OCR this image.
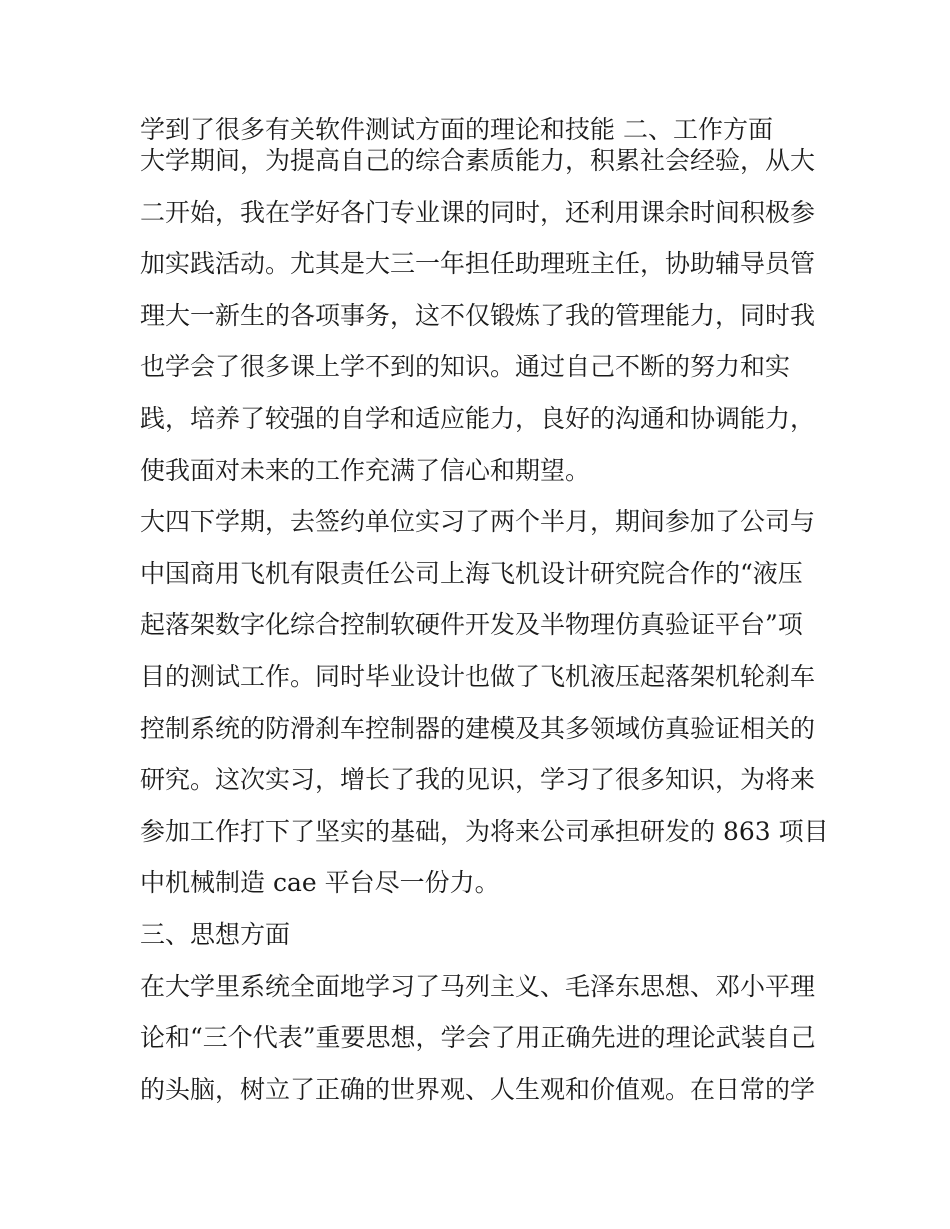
学到了很多有关软件测试方面的理论和技能 二、工作方面
大学期间，为提高自己的综合素质能力，积累社会经验，从大
二开始，我在学好各门专业课的同时，还利用课余时间积极参
加实践活动。尤其是大三一年担任助理班主任，协助辅导员管
理大一新生的各项事务，这不仅锻炼了我的管理能力，同时我
也学会了很多课上学不到的知识。通过自己不断的努力和实
践，培养了较强的自学和适应能力，良好的沟通和协调能力，
使我面对未来的工作充满了信心和期望。
大四下学期，去签约单位实习了两个半月，期间参加了公司与
中国商用飞机有限责任公司上海飞机设计研究院合作的“液压
起落架数字化综合控制软硬件开发及半物理仿真验证平台”项
目的测试工作。同时毕业设计也做了飞机液压起落架机轮刹车
控制系统的防滑刹车控制器的建模及其多领域仿真验证相关的
研究。这次实习，增长了我的见识，学习了很多知识，为将来
参加工作打下了坚实的基础，为将来公司承担研发的 863 项目
中机械制造 cae 平台尽一份力。
三、思想方面
在大学里系统全面地学习了马列主义、毛泽东思想、邓小平理
论和“三个代表”重要思想，学会了用正确先进的理论武装自己
的头脑，树立了正确的世界观、人生观和价值观。在日常的学
